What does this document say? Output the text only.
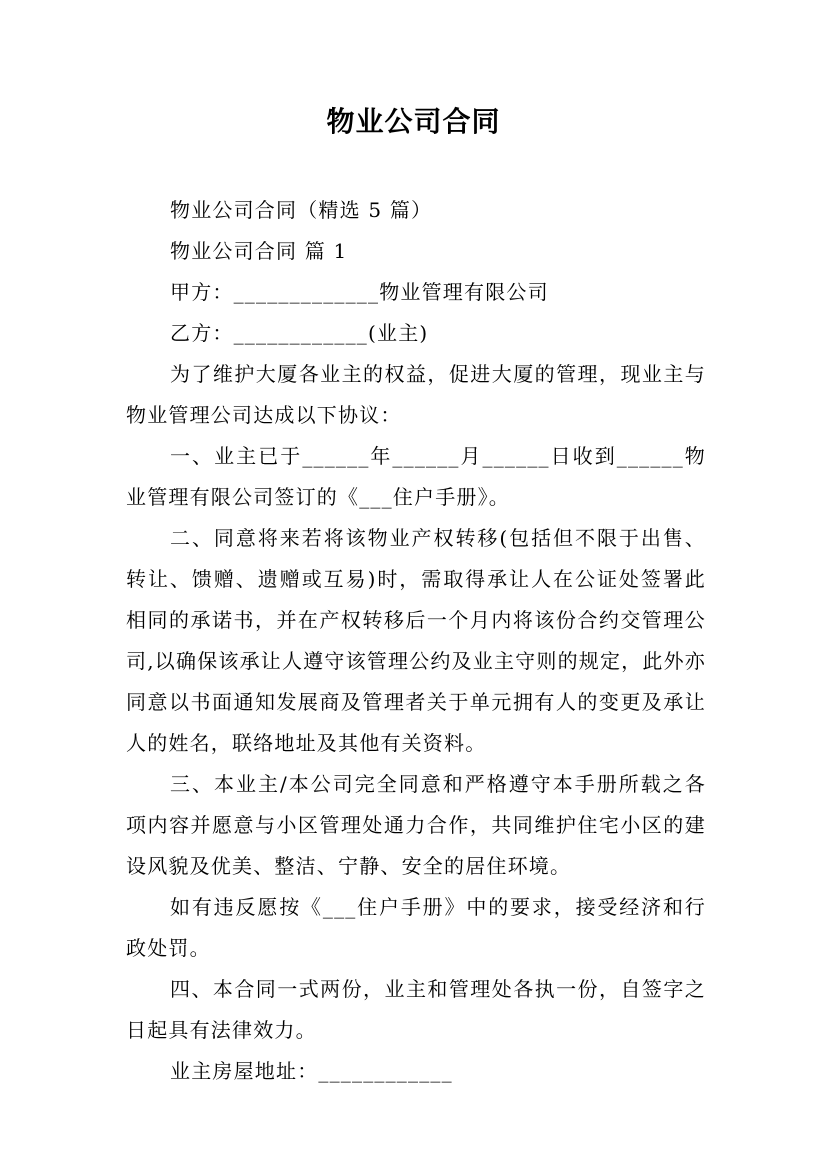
物业公司合同

物业公司合同（精选 5 篇）

物业公司合同 篇 1

甲方：_____________物业管理有限公司

乙方：____________(业主)

为了维护大厦各业主的权益，促进大厦的管理，现业主与物业管理公司达成以下协议：

一、业主已于______年______月______日收到______物业管理有限公司签订的《___住户手册》。

二、同意将来若将该物业产权转移(包括但不限于出售、转让、馈赠、遗赠或互易)时，需取得承让人在公证处签署此相同的承诺书，并在产权转移后一个月内将该份合约交管理公司,以确保该承让人遵守该管理公约及业主守则的规定，此外亦同意以书面通知发展商及管理者关于单元拥有人的变更及承让人的姓名，联络地址及其他有关资料。

三、本业主/本公司完全同意和严格遵守本手册所载之各项内容并愿意与小区管理处通力合作，共同维护住宅小区的建设风貌及优美、整洁、宁静、安全的居住环境。

如有违反愿按《___住户手册》中的要求，接受经济和行政处罚。

四、本合同一式两份，业主和管理处各执一份，自签字之日起具有法律效力。

业主房屋地址：____________
